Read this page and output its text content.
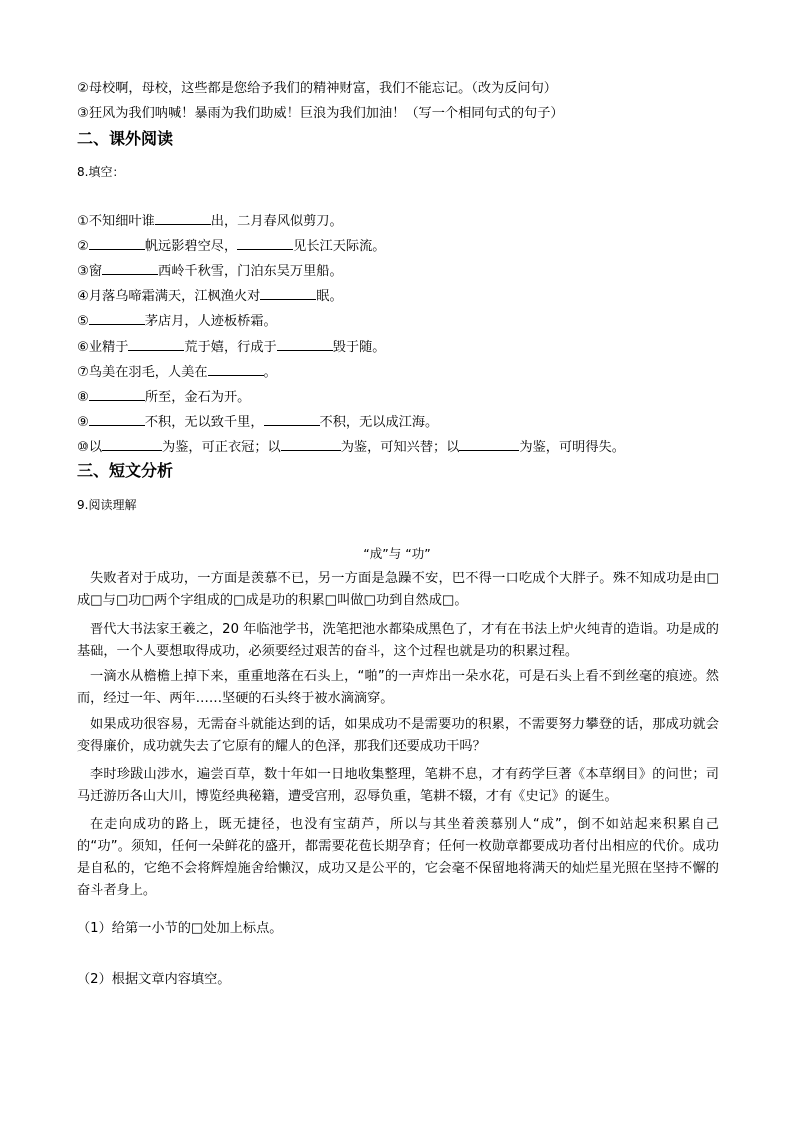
②母校啊，母校，这些都是您给予我们的精神财富，我们不能忘记。（改为反问句）
③狂风为我们呐喊！暴雨为我们助威！巨浪为我们加油！（写一个相同句式的句子）
二、课外阅读
8.填空：
①不知细叶谁	出，二月春风似剪刀。
②	帆远影碧空尽，	见长江天际流。
③窗	西岭千秋雪，门泊东吴万里船。
④月落乌啼霜满天，江枫渔火对	眠。
⑤	茅店月，人迹板桥霜。
⑥业精于	荒于嬉，行成于	毁于随。
⑦鸟美在羽毛，人美在	。
⑧	所至，金石为开。
⑨	不积，无以致千里，	不积，无以成江海。
⑩以	为鉴，可正衣冠；以	为鉴，可知兴替；以	为鉴，可明得失。
三、短文分析
9.阅读理解
“成”与 “功”
失败者对于成功，一方面是羡慕不已，另一方面是急躁不安，巴不得一口吃成个大胖子。殊不知成功是由□成□与□功□两个字组成的□成是功的积累□叫做□功到自然成□。
晋代大书法家王羲之，20 年临池学书，洗笔把池水都染成黑色了，才有在书法上炉火纯青的造诣。功是成的基础，一个人要想取得成功，必须要经过艰苦的奋斗，这个过程也就是功的积累过程。
一滴水从檐檐上掉下来，重重地落在石头上，“啪”的一声炸出一朵水花，可是石头上看不到丝毫的痕迹。然而，经过一年、两年……坚硬的石头终于被水滴滴穿。
如果成功很容易，无需奋斗就能达到的话，如果成功不是需要功的积累，不需要努力攀登的话，那成功就会变得廉价，成功就失去了它原有的耀人的色泽，那我们还要成功干吗？
李时珍跋山涉水，遍尝百草，数十年如一日地收集整理，笔耕不息，才有药学巨著《本草纲目》的问世；司马迁游历各山大川，博览经典秘籍，遭受宫刑，忍辱负重，笔耕不辍，才有《史记》的诞生。
在走向成功的路上，既无捷径，也没有宝葫芦，所以与其坐着羡慕别人“成”，倒不如站起来积累自己的“功”。须知，任何一朵鲜花的盛开，都需要花苞长期孕育；任何一枚勋章都要成功者付出相应的代价。成功是自私的，它绝不会将辉煌施舍给懒汉，成功又是公平的，它会毫不保留地将满天的灿烂星光照在坚持不懈的奋斗者身上。
（1）给第一小节的□处加上标点。
（2）根据文章内容填空。
